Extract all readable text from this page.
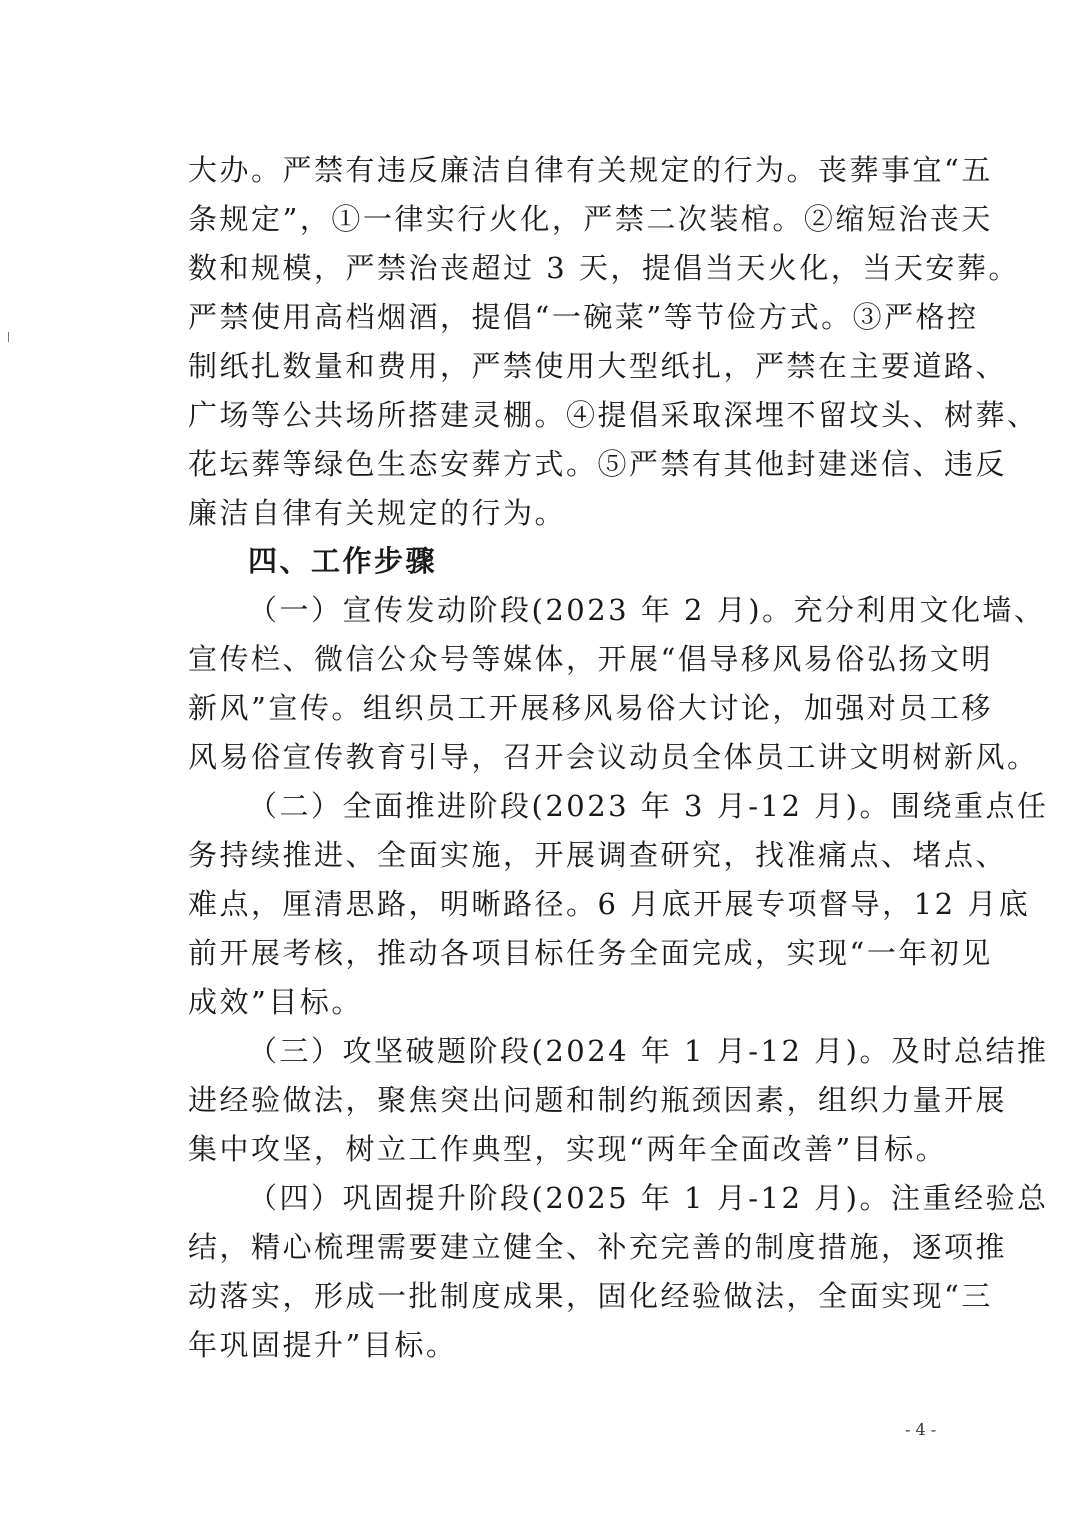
大办。严禁有违反廉洁自律有关规定的行为。丧葬事宜“五
条规定”，①一律实行火化，严禁二次装棺。②缩短治丧天
数和规模，严禁治丧超过 3 天，提倡当天火化，当天安葬。
严禁使用高档烟酒，提倡“一碗菜”等节俭方式。③严格控
制纸扎数量和费用，严禁使用大型纸扎，严禁在主要道路、
广场等公共场所搭建灵棚。④提倡采取深埋不留坟头、树葬、
花坛葬等绿色生态安葬方式。⑤严禁有其他封建迷信、违反
廉洁自律有关规定的行为。
四、工作步骤
（一）宣传发动阶段(2023 年 2 月)。充分利用文化墙、
宣传栏、微信公众号等媒体，开展“倡导移风易俗弘扬文明
新风”宣传。组织员工开展移风易俗大讨论，加强对员工移
风易俗宣传教育引导，召开会议动员全体员工讲文明树新风。
（二）全面推进阶段(2023 年 3 月-12 月)。围绕重点任
务持续推进、全面实施，开展调查研究，找准痛点、堵点、
难点，厘清思路，明晰路径。6 月底开展专项督导，12 月底
前开展考核，推动各项目标任务全面完成，实现“一年初见
成效”目标。
（三）攻坚破题阶段(2024 年 1 月-12 月)。及时总结推
进经验做法，聚焦突出问题和制约瓶颈因素，组织力量开展
集中攻坚，树立工作典型，实现“两年全面改善”目标。
（四）巩固提升阶段(2025 年 1 月-12 月)。注重经验总
结，精心梳理需要建立健全、补充完善的制度措施，逐项推
动落实，形成一批制度成果，固化经验做法，全面实现“三
年巩固提升”目标。
- 4 -
